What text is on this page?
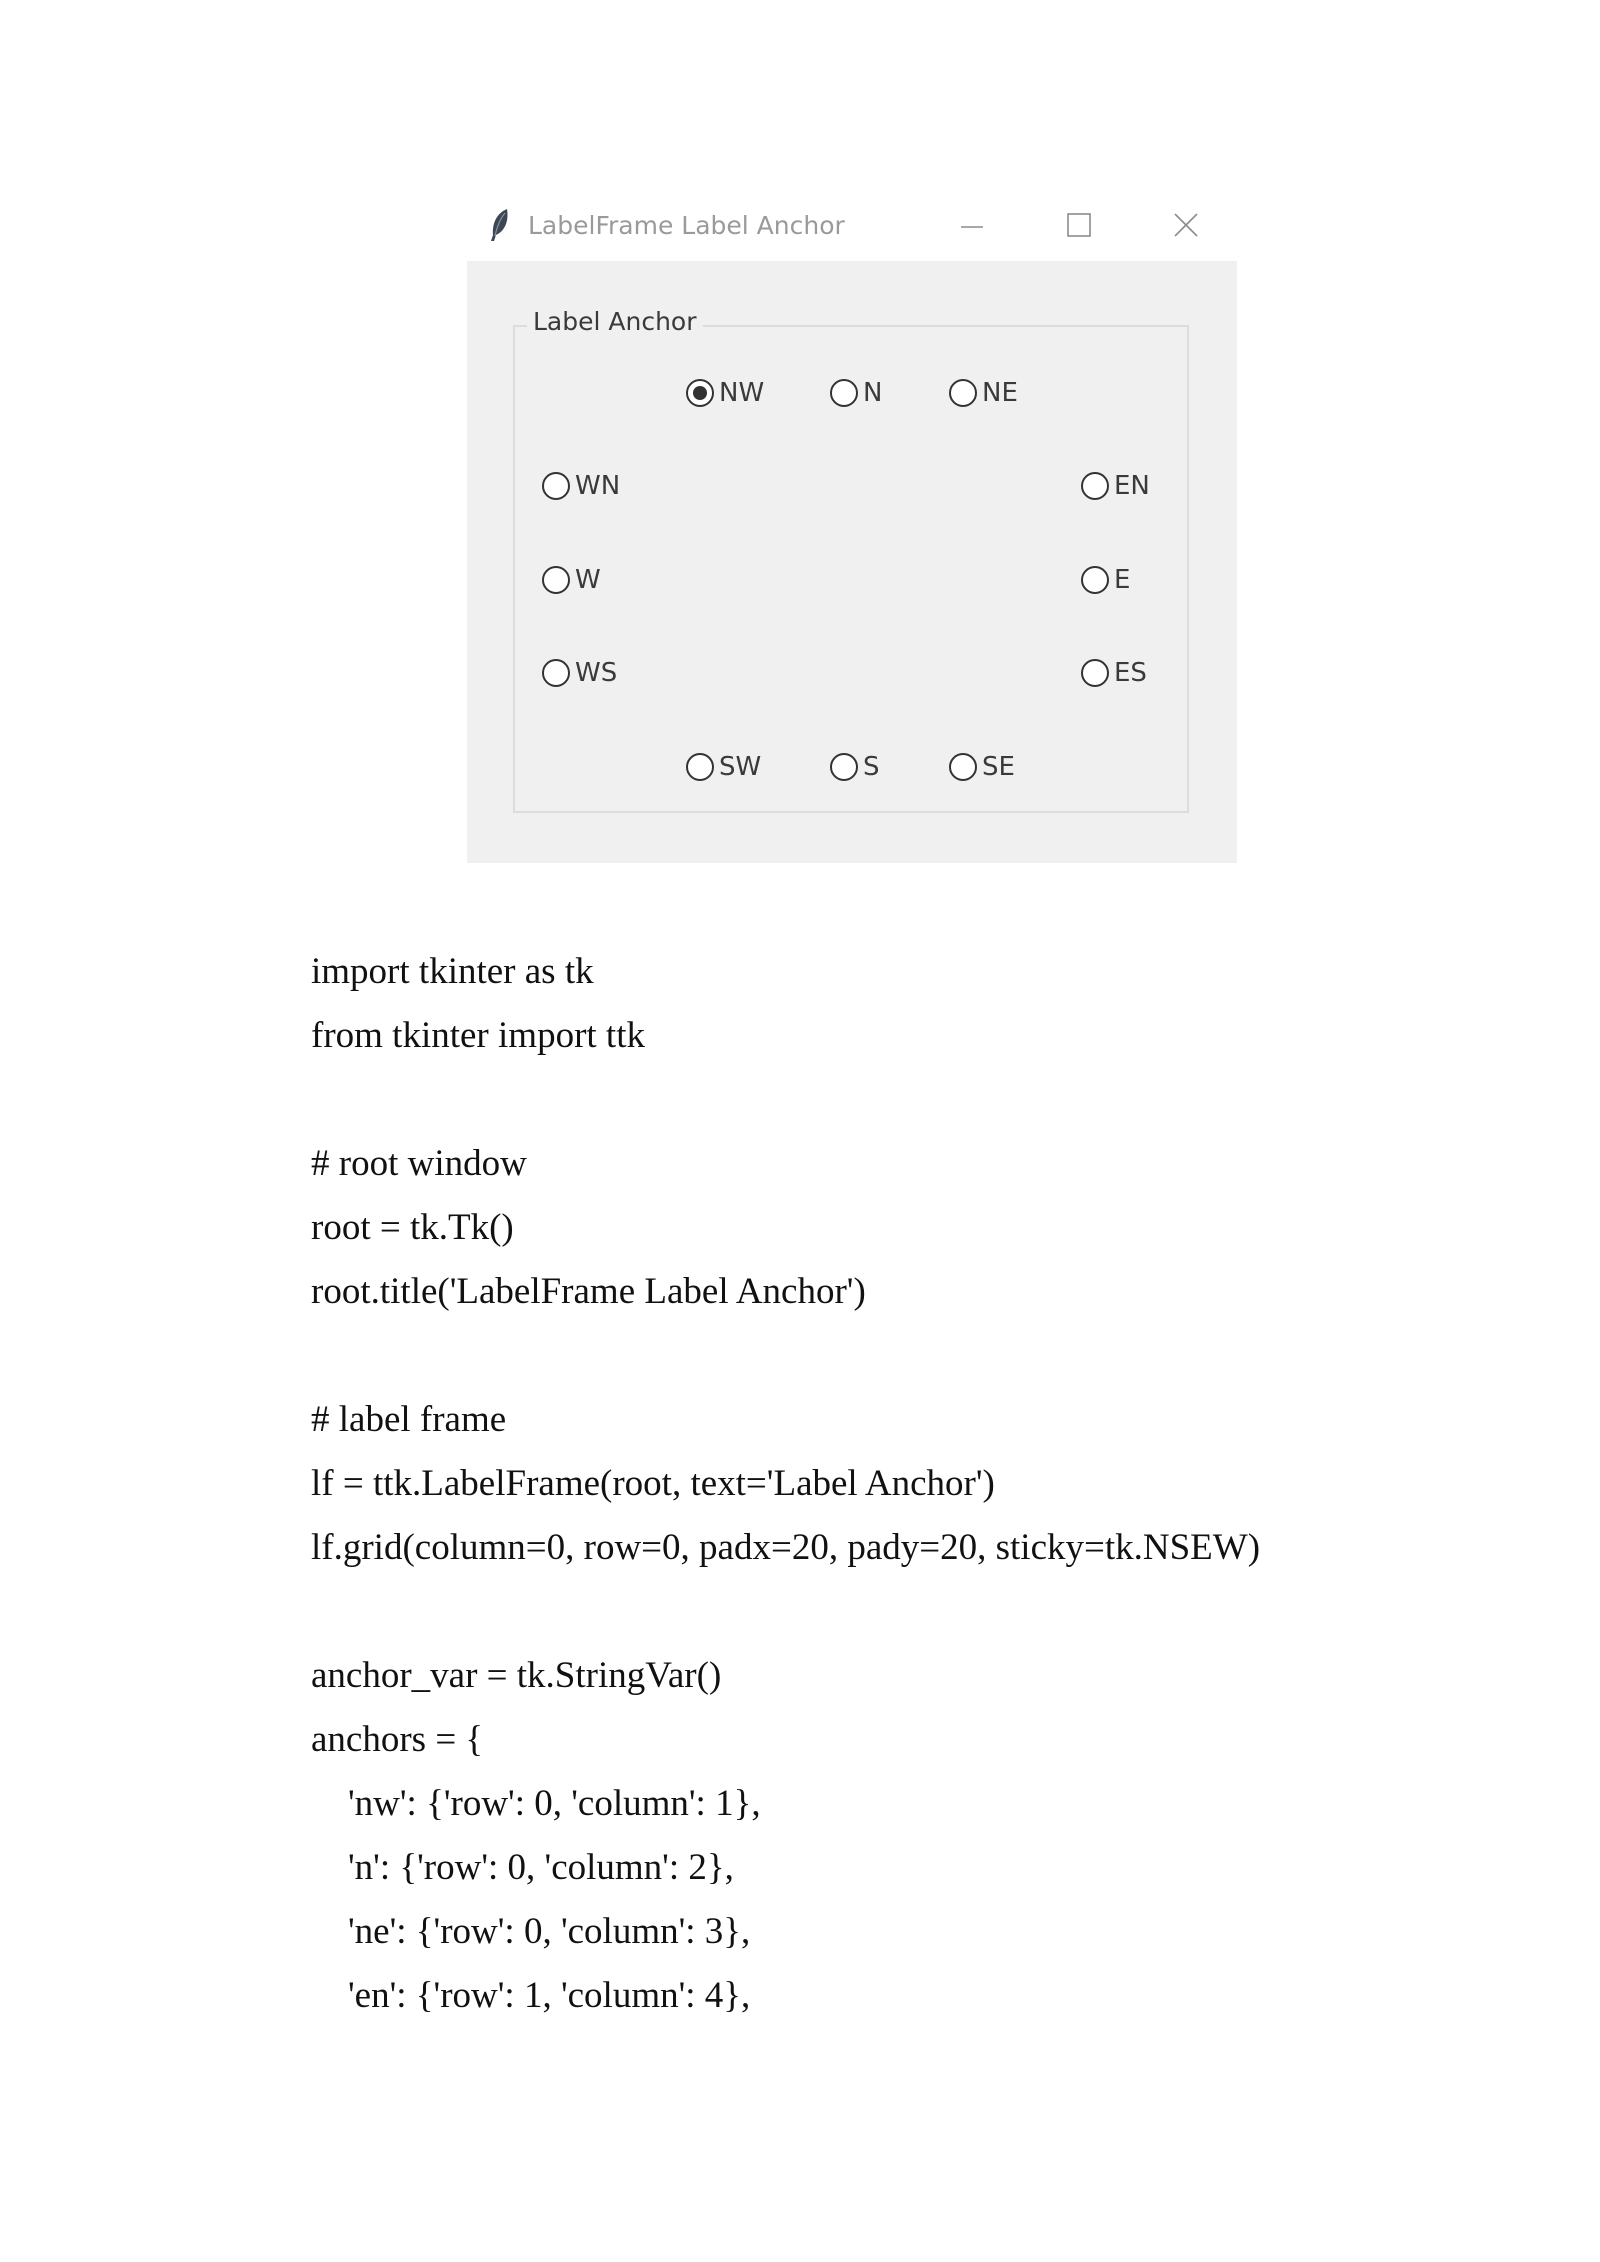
LabelFrame Label Anchor
Label Anchor
NW	N	NE
WN
W
WS
EN
E
ES
SW	S	SE
import tkinter as tk
from tkinter import ttk
# root window
root = tk.Tk()
root.title('LabelFrame Label Anchor')
# label frame
lf = ttk.LabelFrame(root, text='Label Anchor')
lf.grid(column=0, row=0, padx=20, pady=20, sticky=tk.NSEW)
anchor_var = tk.StringVar()
anchors = {
'nw': {'row': 0, 'column': 1},
'n': {'row': 0, 'column': 2},
'ne': {'row': 0, 'column': 3},
'en': {'row': 1, 'column': 4},
